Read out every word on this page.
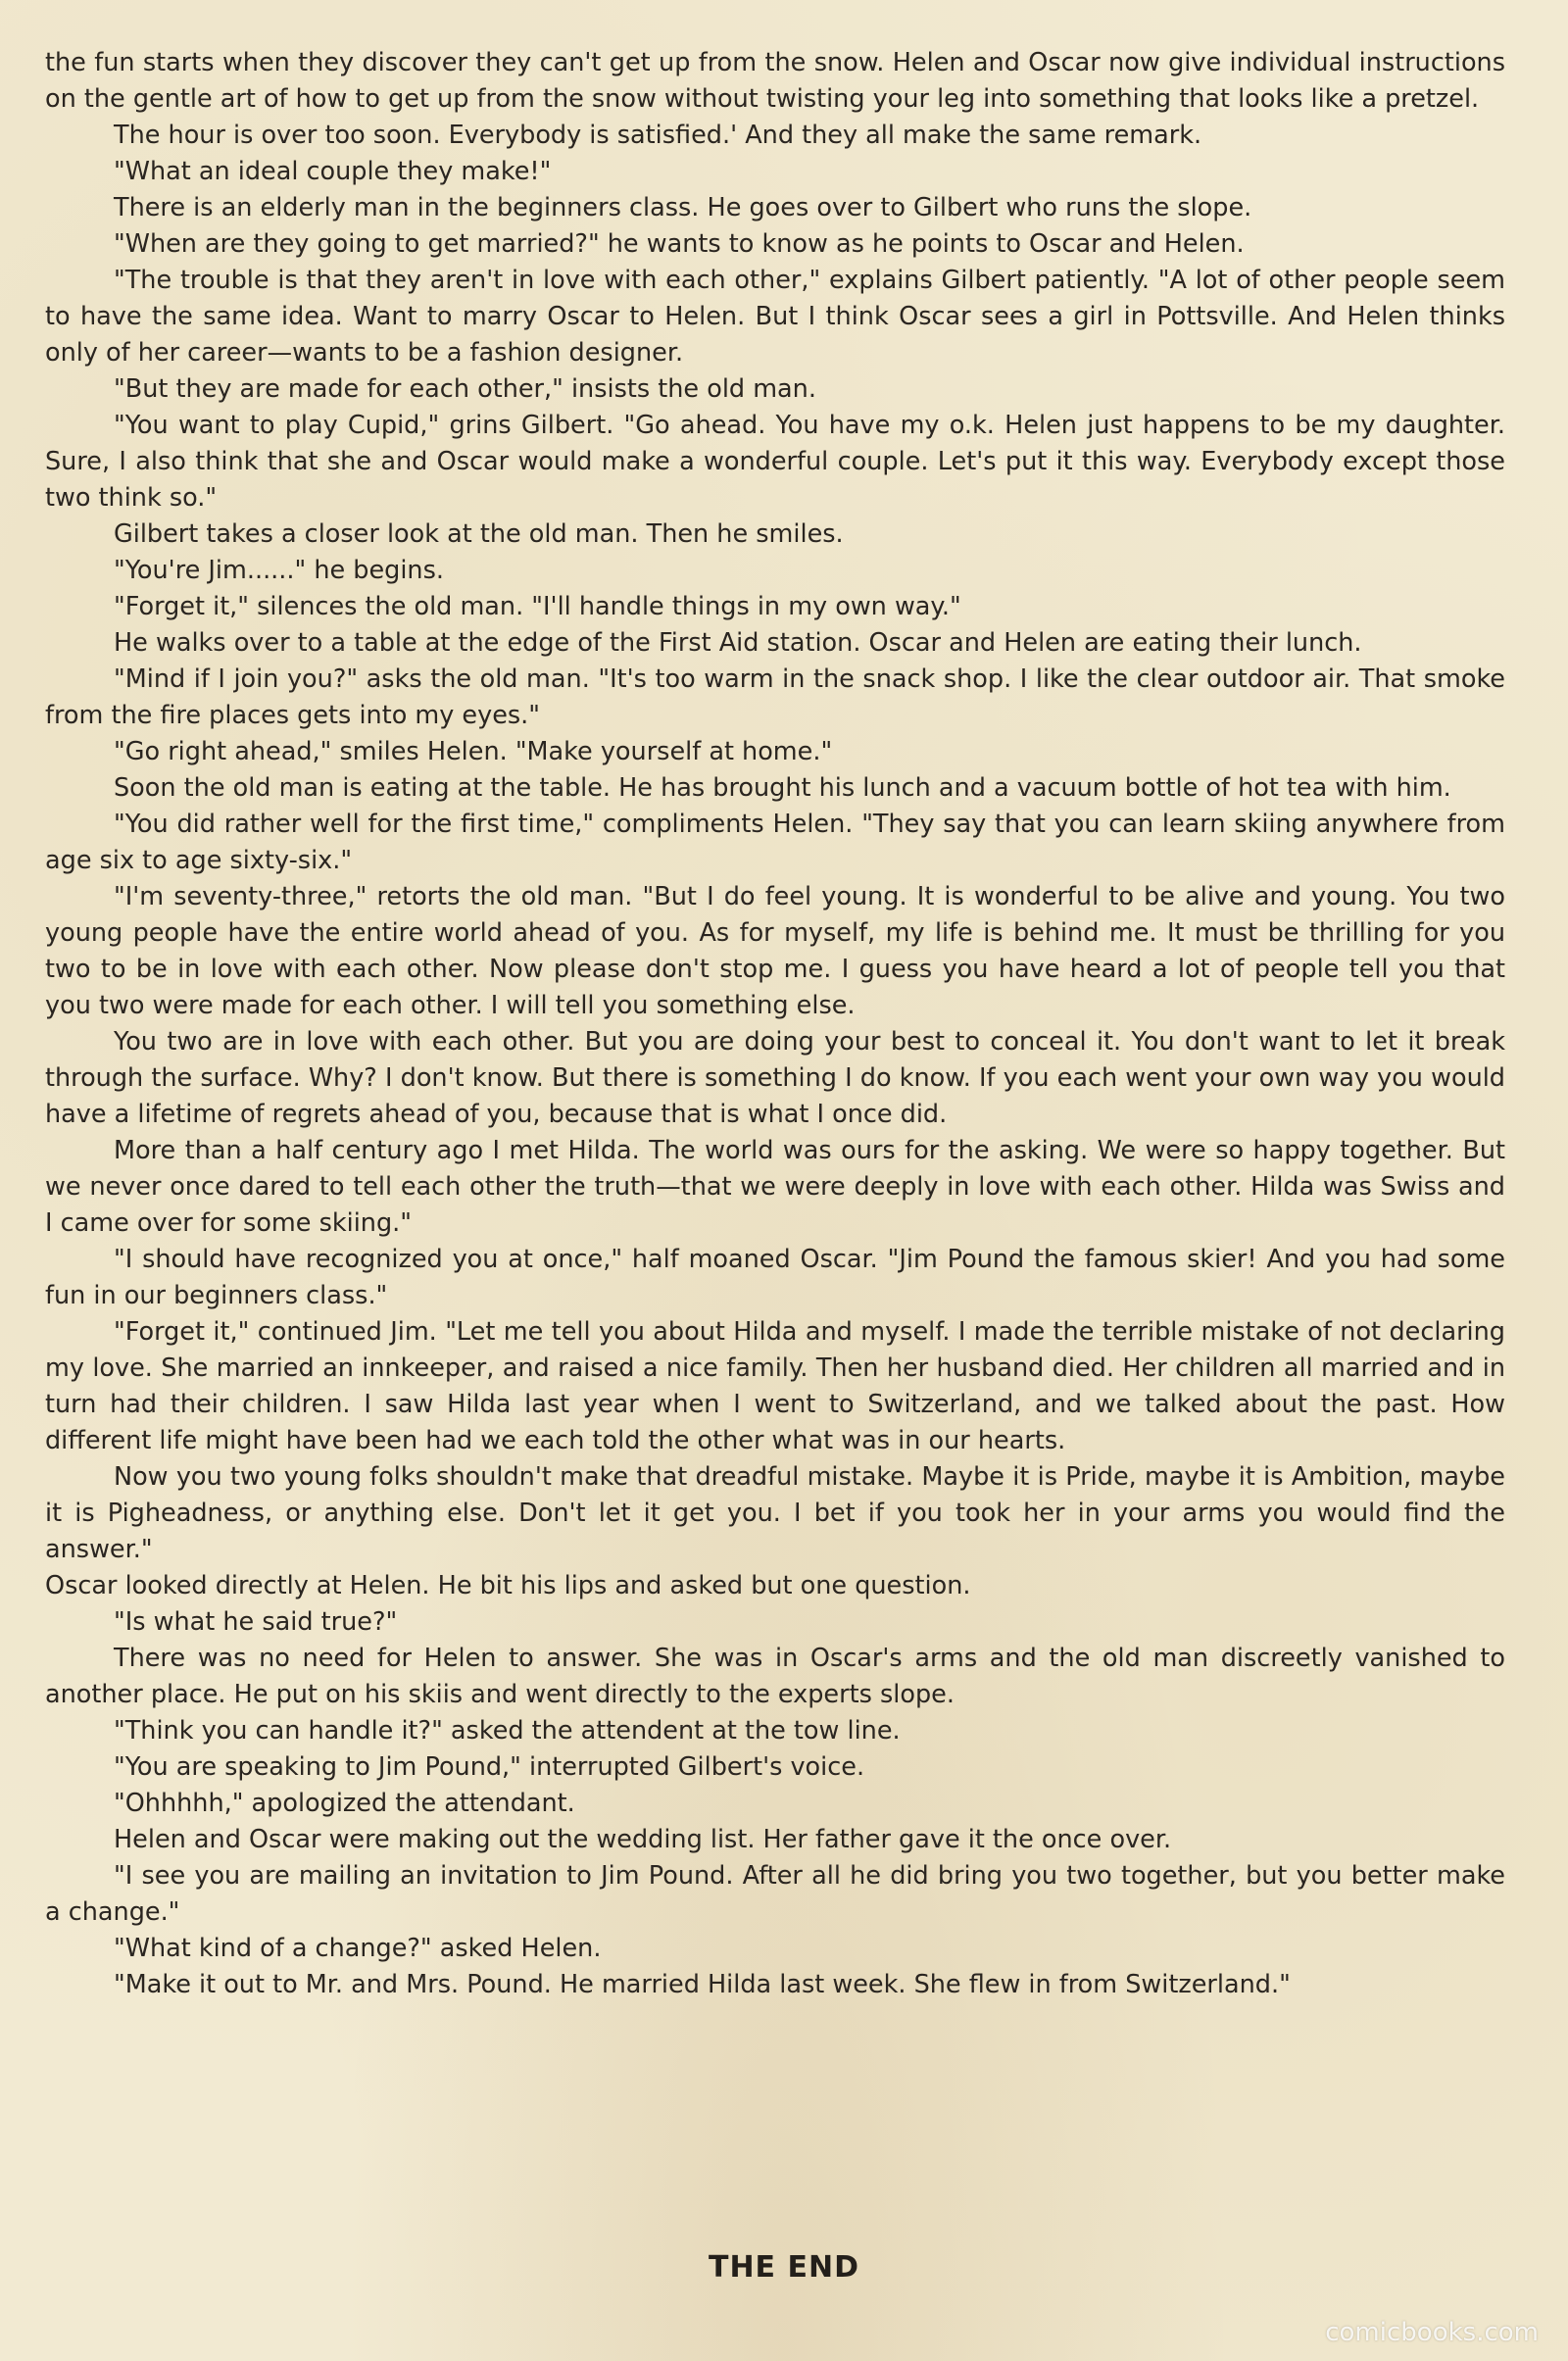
the fun starts when they discover they can't get up from the snow. Helen and Oscar now give individual instructions on the gentle art of how to get up from the snow without twisting your leg into something that looks like a pretzel.

The hour is over too soon. Everybody is satisfied.' And they all make the same remark.

"What an ideal couple they make!"

There is an elderly man in the beginners class. He goes over to Gilbert who runs the slope.

"When are they going to get married?" he wants to know as he points to Oscar and Helen.

"The trouble is that they aren't in love with each other," explains Gilbert patiently. "A lot of other people seem to have the same idea. Want to marry Oscar to Helen. But I think Oscar sees a girl in Pottsville. And Helen thinks only of her career—wants to be a fashion designer.

"But they are made for each other," insists the old man.

"You want to play Cupid," grins Gilbert. "Go ahead. You have my o.k. Helen just happens to be my daughter. Sure, I also think that she and Oscar would make a wonderful couple. Let's put it this way. Everybody except those two think so."

Gilbert takes a closer look at the old man. Then he smiles.

"You're Jim......" he begins.

"Forget it," silences the old man. "I'll handle things in my own way."

He walks over to a table at the edge of the First Aid station. Oscar and Helen are eating their lunch.

"Mind if I join you?" asks the old man. "It's too warm in the snack shop. I like the clear outdoor air. That smoke from the fire places gets into my eyes."

"Go right ahead," smiles Helen. "Make yourself at home."

Soon the old man is eating at the table. He has brought his lunch and a vacuum bottle of hot tea with him.

"You did rather well for the first time," compliments Helen. "They say that you can learn skiing anywhere from age six to age sixty-six."

"I'm seventy-three," retorts the old man. "But I do feel young. It is wonderful to be alive and young. You two young people have the entire world ahead of you. As for myself, my life is behind me. It must be thrilling for you two to be in love with each other. Now please don't stop me. I guess you have heard a lot of people tell you that you two were made for each other. I will tell you something else.

You two are in love with each other. But you are doing your best to conceal it. You don't want to let it break through the surface. Why? I don't know. But there is something I do know. If you each went your own way you would have a lifetime of regrets ahead of you, because that is what I once did.

More than a half century ago I met Hilda. The world was ours for the asking. We were so happy together. But we never once dared to tell each other the truth—that we were deeply in love with each other. Hilda was Swiss and I came over for some skiing."

"I should have recognized you at once," half moaned Oscar. "Jim Pound the famous skier! And you had some fun in our beginners class."

"Forget it," continued Jim. "Let me tell you about Hilda and myself. I made the terrible mistake of not declaring my love. She married an innkeeper, and raised a nice family. Then her husband died. Her children all married and in turn had their children. I saw Hilda last year when I went to Switzerland, and we talked about the past. How different life might have been had we each told the other what was in our hearts.

Now you two young folks shouldn't make that dreadful mistake. Maybe it is Pride, maybe it is Ambition, maybe it is Pigheadness, or anything else. Don't let it get you. I bet if you took her in your arms you would find the answer."

Oscar looked directly at Helen. He bit his lips and asked but one question.

"Is what he said true?"

There was no need for Helen to answer. She was in Oscar's arms and the old man discreetly vanished to another place. He put on his skiis and went directly to the experts slope.

"Think you can handle it?" asked the attendent at the tow line.

"You are speaking to Jim Pound," interrupted Gilbert's voice.

"Ohhhhh," apologized the attendant.

Helen and Oscar were making out the wedding list. Her father gave it the once over.

"I see you are mailing an invitation to Jim Pound. After all he did bring you two together, but you better make a change."

"What kind of a change?" asked Helen.

"Make it out to Mr. and Mrs. Pound. He married Hilda last week. She flew in from Switzerland."

THE END
comicbooks.com
